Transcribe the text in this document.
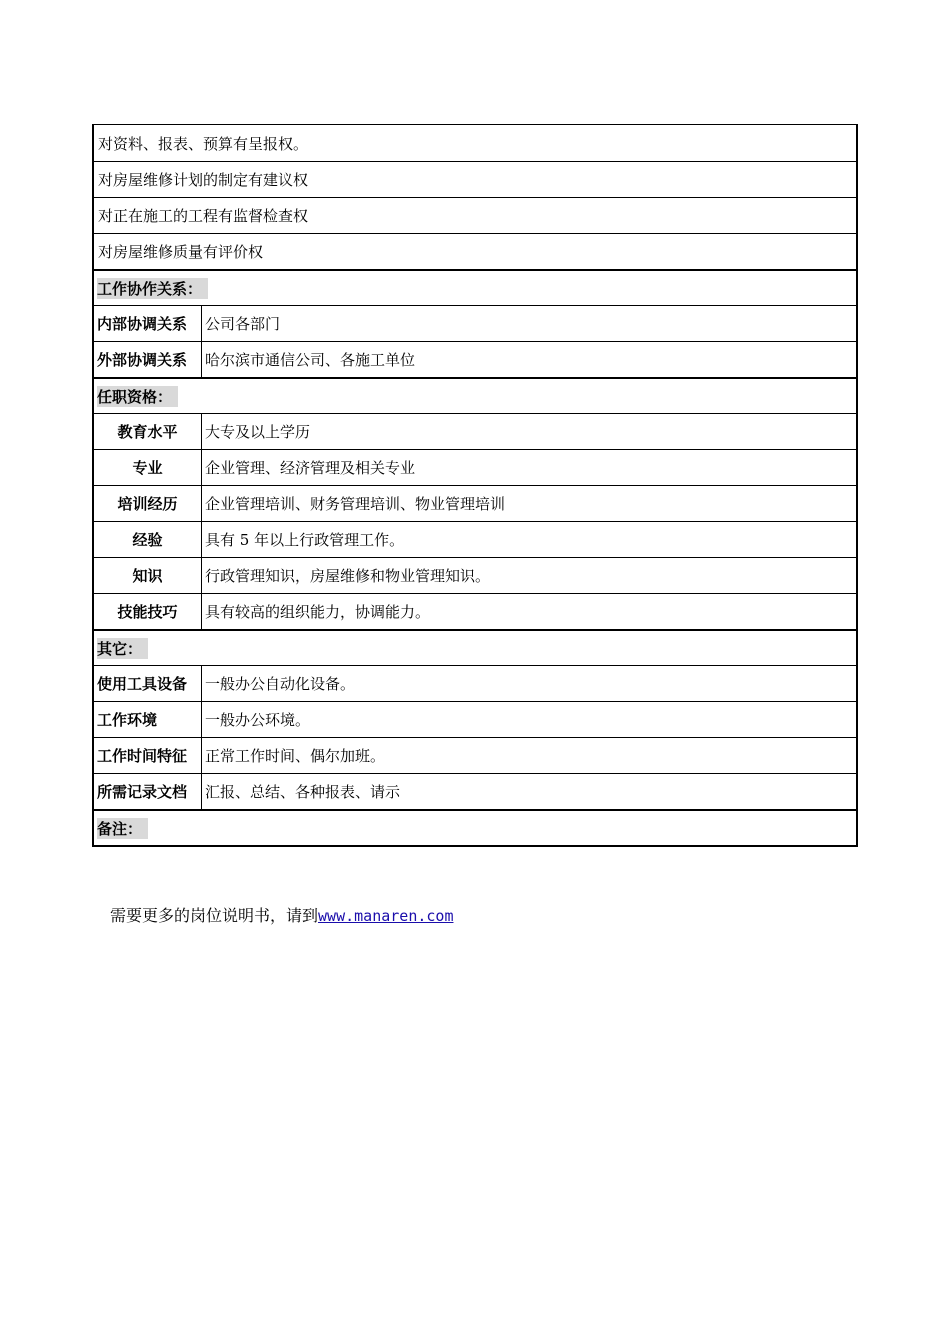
对资料、报表、预算有呈报权。
对房屋维修计划的制定有建议权
对正在施工的工程有监督检查权
对房屋维修质量有评价权
工作协作关系：
内部协调关系	公司各部门
外部协调关系	哈尔滨市通信公司、各施工单位
任职资格：
教育水平	大专及以上学历
专业	企业管理、经济管理及相关专业
培训经历	企业管理培训、财务管理培训、物业管理培训
经验	具有 5 年以上行政管理工作。
知识	行政管理知识，房屋维修和物业管理知识。
技能技巧	具有较高的组织能力，协调能力。
其它：
使用工具设备	一般办公自动化设备。
工作环境	一般办公环境。
工作时间特征	正常工作时间、偶尔加班。
所需记录文档	汇报、总结、各种报表、请示
备注：
需要更多的岗位说明书，请到www.manaren.com
